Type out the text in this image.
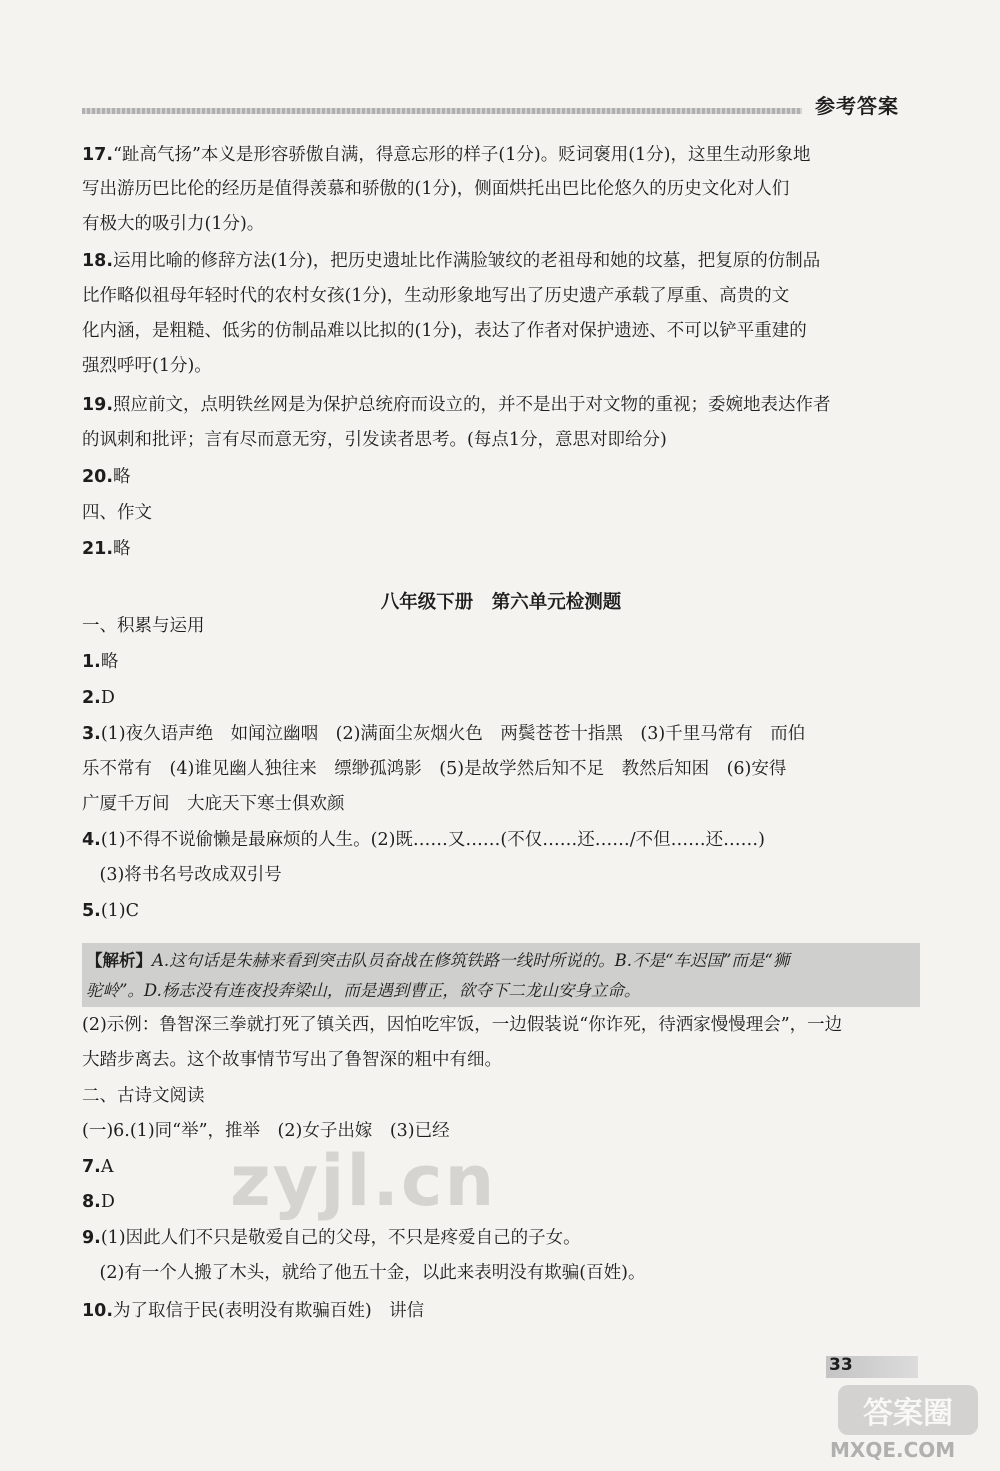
参考答案
17.“趾高气扬”本义是形容骄傲自满，得意忘形的样子(1分)。贬词褒用(1分)，这里生动形象地
写出游历巴比伦的经历是值得羡慕和骄傲的(1分)，侧面烘托出巴比伦悠久的历史文化对人们
有极大的吸引力(1分)。
18.运用比喻的修辞方法(1分)，把历史遗址比作满脸皱纹的老祖母和她的坟墓，把复原的仿制品
比作略似祖母年轻时代的农村女孩(1分)，生动形象地写出了历史遗产承载了厚重、高贵的文
化内涵，是粗糙、低劣的仿制品难以比拟的(1分)，表达了作者对保护遗迹、不可以铲平重建的
强烈呼吁(1分)。
19.照应前文，点明铁丝网是为保护总统府而设立的，并不是出于对文物的重视；委婉地表达作者
的讽刺和批评；言有尽而意无穷，引发读者思考。(每点1分，意思对即给分)
20.略
四、作文
21.略
一、积累与运用
1.略
2.D
3.(1)夜久语声绝　如闻泣幽咽　(2)满面尘灰烟火色　两鬓苍苍十指黑　(3)千里马常有　而伯
乐不常有　(4)谁见幽人独往来　缥缈孤鸿影　(5)是故学然后知不足　教然后知困　(6)安得
广厦千万间　大庇天下寒士俱欢颜
4.(1)不得不说偷懒是最麻烦的人生。(2)既……又……(不仅……还……/不但……还……)
　(3)将书名号改成双引号
5.(1)C
(2)示例：鲁智深三拳就打死了镇关西，因怕吃牢饭，一边假装说“你诈死，待洒家慢慢理会”，一边
大踏步离去。这个故事情节写出了鲁智深的粗中有细。
二、古诗文阅读
(一)6.(1)同“举”，推举　(2)女子出嫁　(3)已经
7.A
8.D
9.(1)因此人们不只是敬爱自己的父母，不只是疼爱自己的子女。
　(2)有一个人搬了木头，就给了他五十金，以此来表明没有欺骗(百姓)。
10.为了取信于民(表明没有欺骗百姓)　讲信
八年级下册　第六单元检测题
【解析】A.这句话是朱赫来看到突击队员奋战在修筑铁路一线时所说的。B.不是“车迟国”而是“狮
驼岭”。D.杨志没有连夜投奔梁山，而是遇到曹正，欲夺下二龙山安身立命。
33
zyjl.cn
答案圈
MXQE.COM
